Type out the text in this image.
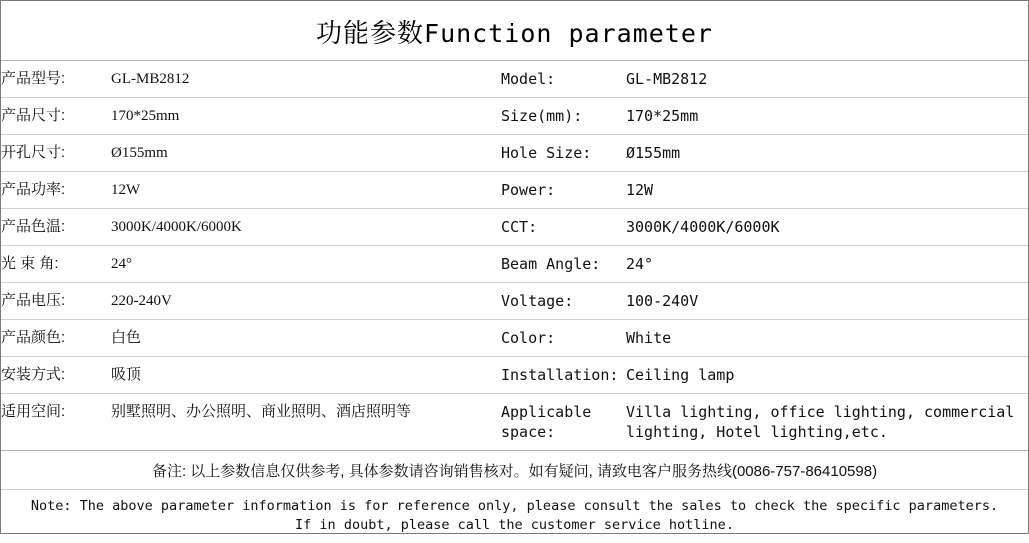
功能参数Function parameter
产品型号:	GL-MB2812	Model:	GL-MB2812
产品尺寸:	170*25mm	Size(mm):	170*25mm
开孔尺寸:	Ø155mm	Hole Size:	Ø155mm
产品功率:	12W	Power:	12W
产品色温:	3000K/4000K/6000K	CCT:	3000K/4000K/6000K
光 束 角:	24°	Beam Angle:	24°
产品电压:	220-240V	Voltage:	100-240V
产品颜色:	白色	Color:	White
安装方式:	吸顶	Installation:	Ceiling lamp
适用空间:	别墅照明、办公照明、商业照明、酒店照明等	Applicable space:	Villa lighting, office lighting, commercial lighting, Hotel lighting,etc.
备注: 以上参数信息仅供参考, 具体参数请咨询销售核对。如有疑问, 请致电客户服务热线(0086-757-86410598)
Note: The above parameter information is for reference only, please consult the sales to check the specific parameters.
If in doubt, please call the customer service hotline.
